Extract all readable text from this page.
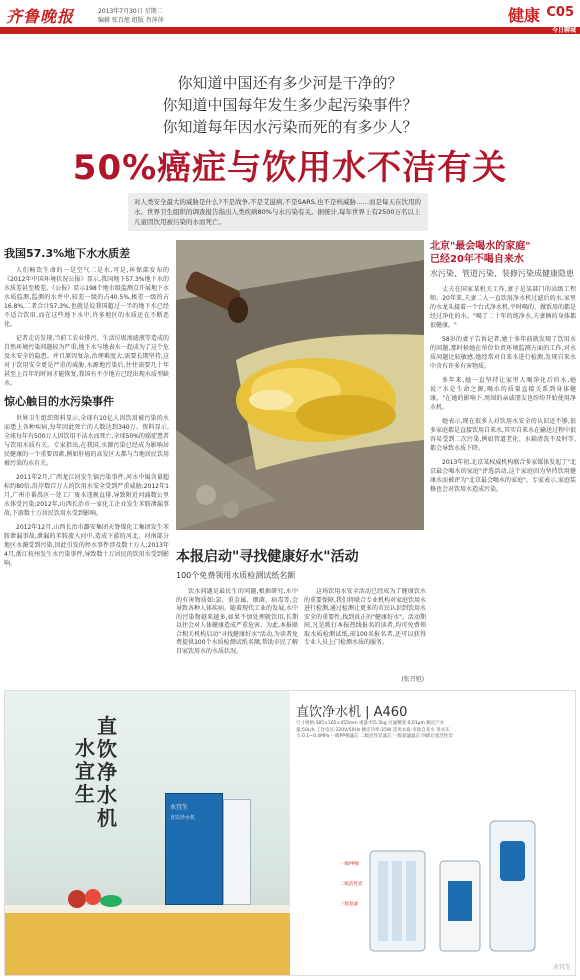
齐鲁晚报	2013年7月30日 星期二
编辑 张百旭 组版 肖萍萍	健康 C05
今日聊城
你知道中国还有多少河是干净的？
你知道中国每年发生多少起污染事件？
你知道每年因水污染而死的有多少人？
50%癌症与饮用水不洁有关
对人类安全最大的威胁是什么?不是战争,不是艾滋病,不是SARS,也不是核威胁……而是每天在饮用的水。世界卫生组织的调查报告指出人类疾病80%与水污染有关。据统计,每年世界上有2500万名以上儿童因饮用被污染的水而死亡。
我国57.3%地下水水质差

人们畅饮生命的一是空气二是水,可是,环保部发布的《2012年中国环境状况公报》显示,我国地下57.3%地下水的水质差甚至极差。《公报》显示198个地市级监测点开展地下水水质监测,监测的水井中,较差一级的占40.5%,极差一级的占16.8%,二者合计57.3%,也就是说我国超过一半的地下水已经不适合饮用,而在这些地下水中,许多地区的水质还在不断恶化。

记者走访发现,当前工农业排污、生活垃圾渗滤液等造成的自然环境污染问题较为严重,地下水与地表水一起成为了这个危及水安全的隐患。并且原因复杂,治理难度大,需要长期坚持,这对于饮用安全更是严重的威胁,水源地污染后,往往需要几十年甚至上百年的时间才能恢复,我国有不少地方已经出现水质型缺水。

惊心触目的水污染事件

世界卫生组织资料显示,全球有10亿人因饮用被污染的水而患上各种疾病,每年因此死亡的人数达到340万。资料显示,全球每年有500万人因饮用不洁水而死亡,全球50%的癌症患者与饮用水质有关。专家指出,在我国,水源污染已经成为影响居民健康的一个重要因素,例如肝癌的高发区大都与当地居民饮用被污染的水有关。

2011年2月,广西龙江河发生镉污染事件,河水中镉含量超标约80倍,沿岸数百万人的饮用水安全受到严重威胁;2012年1月,广州市番禺区一处工厂废水违规直排,导致附近河涌数公里水体受污染;2012年,山西长治市一家化工企业发生苯胺泄漏事故,下游数十万居民饮用水受到影响。

2012年12月,山西长治市潞安集团天脊煤化工集团发生苯胺泄漏事故,泄漏的苯胺流入河中,造成下游的河北、河南部分地区水源受到污染,因此引发的停水事件涉及数十万人;2013年4月,浙江杭州发生水污染事件,导致数十万居民的饮用水受到影响。	本报启动"寻找健康好水"活动
100个免费领用水质检测试纸名额
饮水问题是最民生的问题,根据研究,水中的有害物质如:氯、重金属、细菌、病毒等,会导致各种人体疾病。随着现代工业的发展,水中的污染物越来越多,如果不加处理就饮用,长期以往会对人体健康造成严重危害。为此,本报联合相关机构启动"寻找健康好水"活动,为读者免费提供100个水质检测试纸名额,帮助市民了解自家饮用水的水质状况。
这场饮用水安全活动已经成为了健康饮水的重要保障,我们将联合专业机构对家庭饮用水进行检测,通过检测让更多的市民认识到饮用水安全的重要性,找到真正的"健康好水"。活动期间,凡是拨打本报热线报名的读者,均可免费领取水质检测试纸,前100名报名者,还可以获得专业人员上门检测水质的服务。
(张召旭)
北京"最会喝水的家庭"
已经20年不喝自来水
水污染、管道污染、装修污染成健康隐患

丈夫在国家某机关工作,妻子是某部门的高级工程师。20年来,夫妻二人一直饮用净水机过滤后的水,家里的水龙头接着一个台式净水机,平时喝的、做饭用的都是经过净化的水。"喝了二十年的纯净水,夫妻俩的身体都很健康。"

58岁的妻子告诉记者,她十多年前就发现了饮用水的问题,那时候她在单位负责环境监测方面的工作,对水质问题比较敏感,她经常对自来水进行检测,发现自来水中含有许多有害物质。

多年来,她一直坚持让家里人喝净化后的水,她说:"水是生命之源,喝水的质量直接关系到身体健康。"在她的影响下,周围的亲戚朋友也纷纷开始使用净水机。

她表示,现在很多人对饮用水安全的认识还不够,很多家庭都是直接饮用自来水,其实自来水在输送过程中很容易受到二次污染,例如管道老化、水箱清洗不及时等,都会导致水质下降。

2013年初,北京某权威机构联合多家媒体发起了"北京最会喝水的家庭"评选活动,这个家庭因为坚持饮用健康水而被评为"北京最会喝水的家庭"。专家表示,家庭装修也会对饮用水造成污染。

水宜生
直饮净水机	水宜生
直饮净水机
直饮净水机 | A460
尺寸规格:385×165×455mm 重量:约5.5kg 过滤精度:0.01μm 额定产水量:50L/h 工作电压:220V/50Hz 额定功率:25W 适用水质:市政自来水 进水压力:0.1~0.4MPa 一级PP棉滤芯 二级活性炭滤芯 三级超滤滤芯 四级后置活性炭
一级PP棉
二级活性炭
三级超滤
水宜生
